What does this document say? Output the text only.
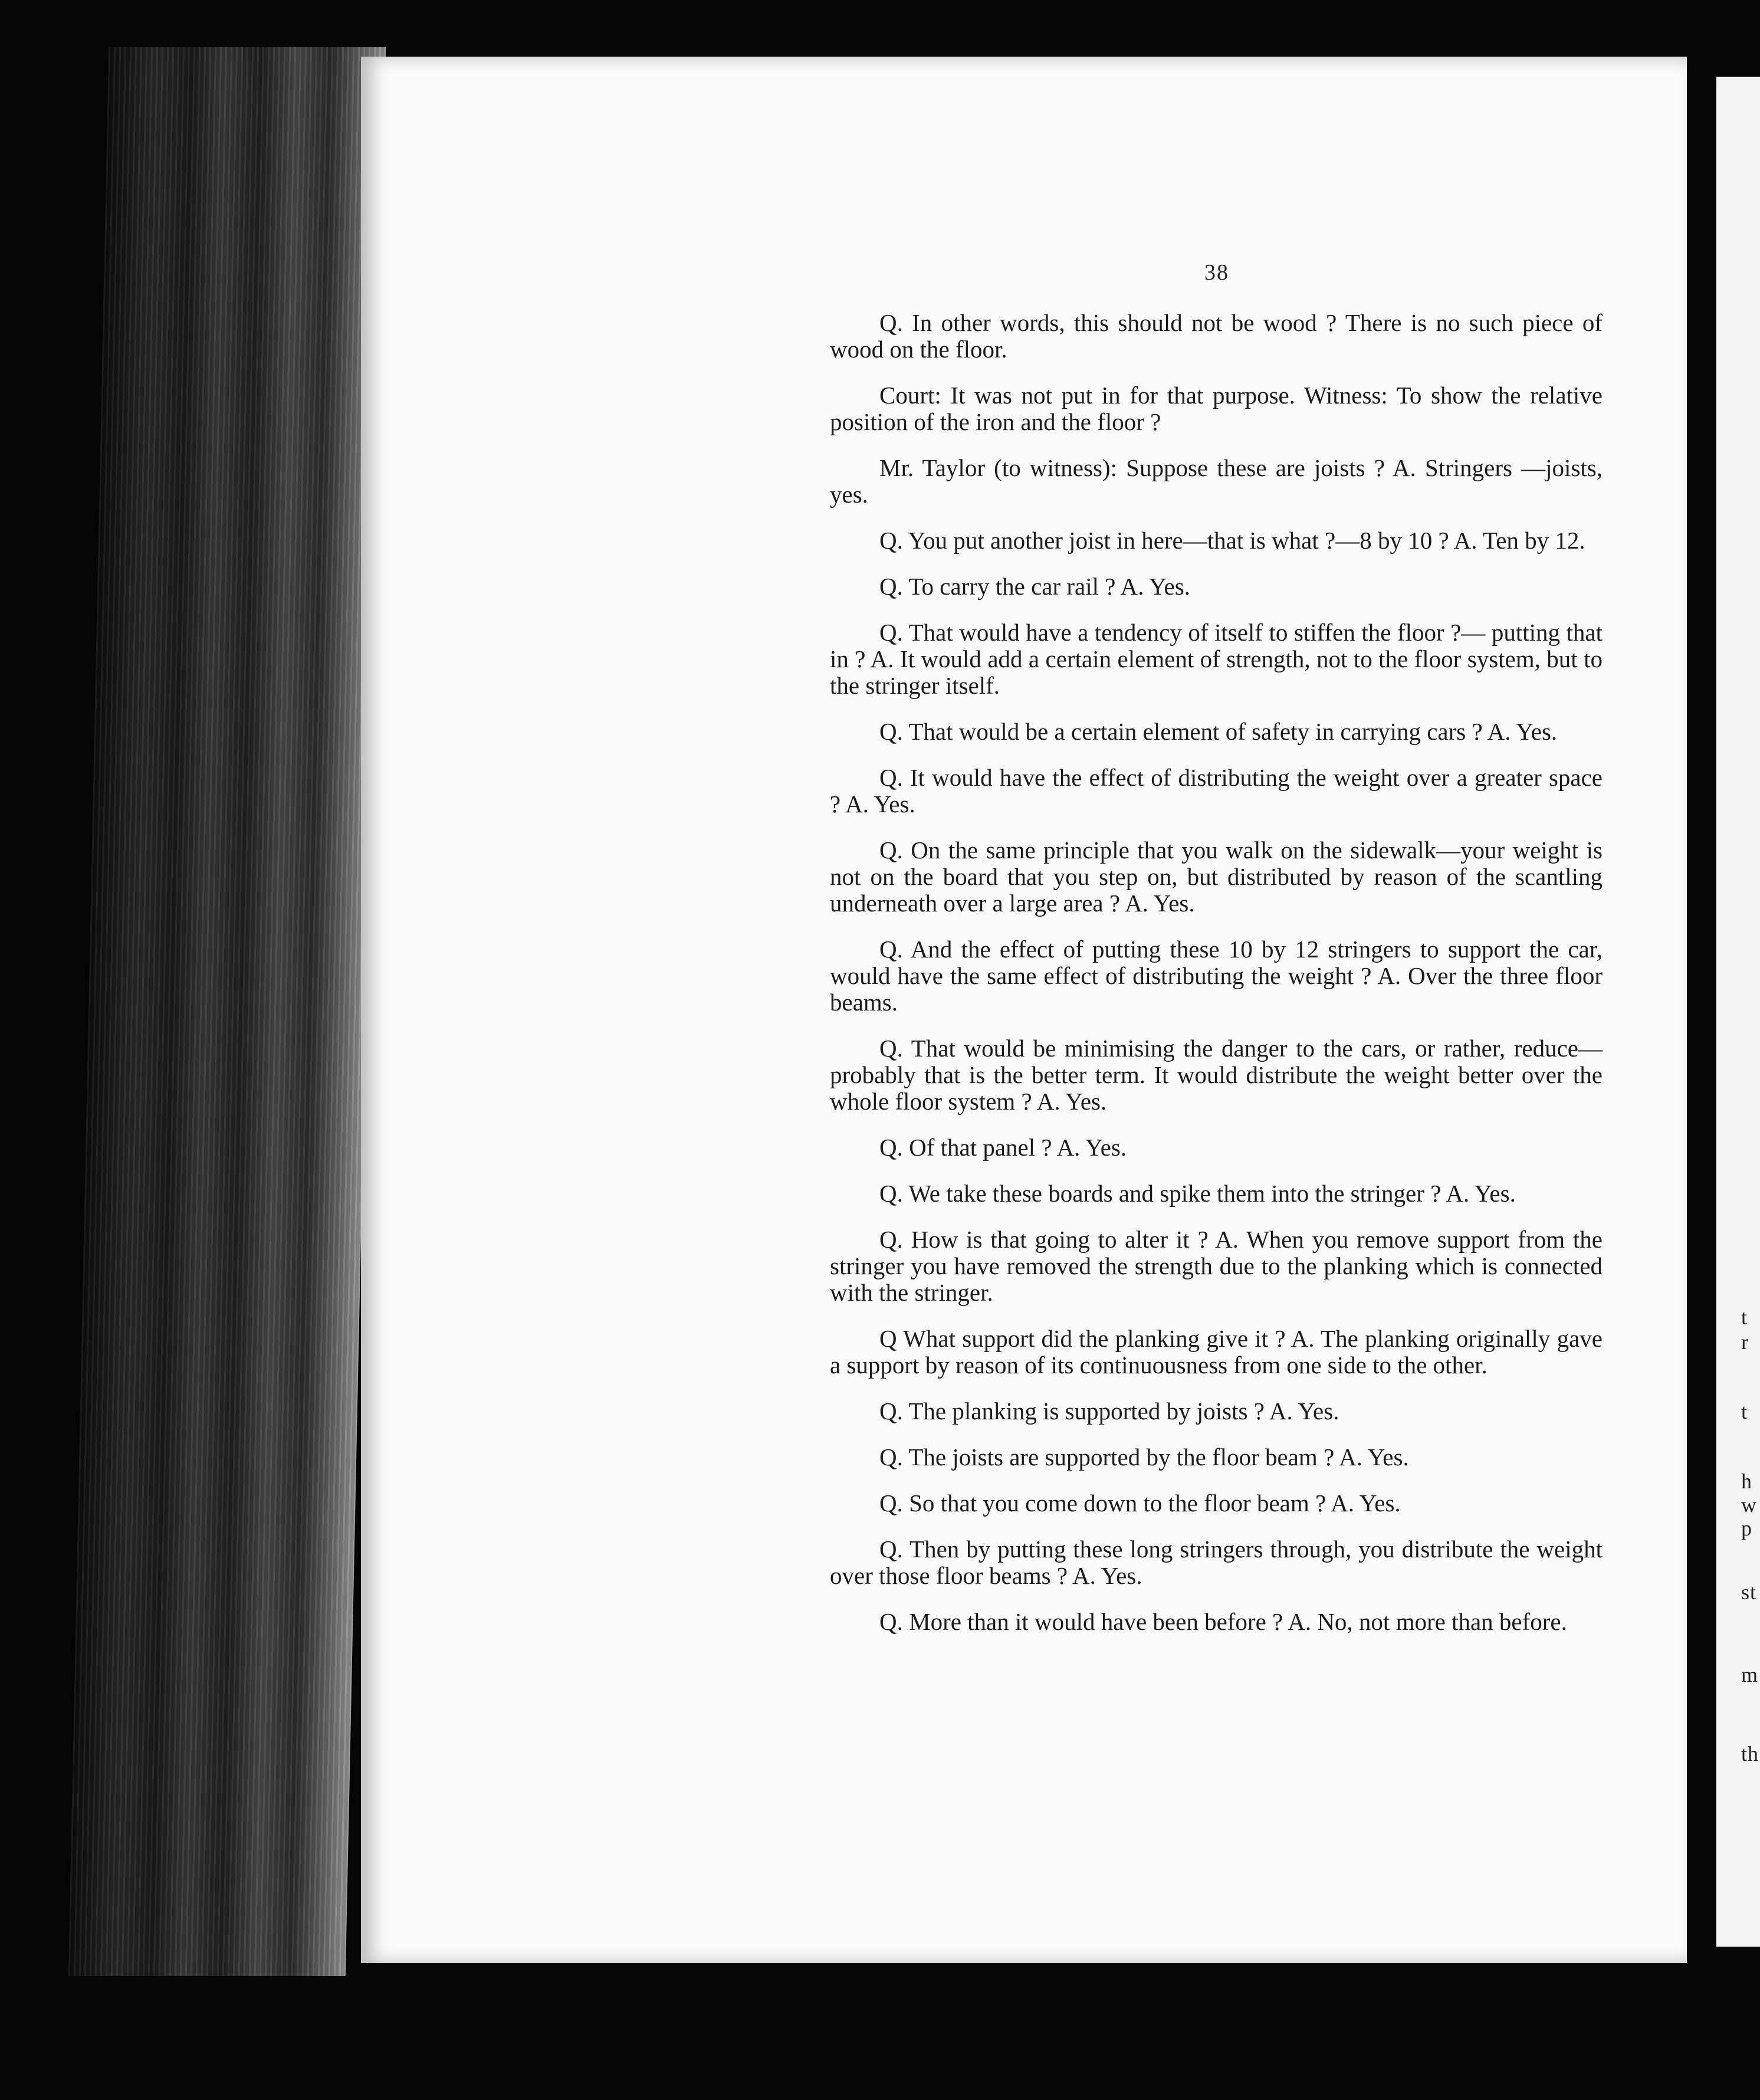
38

Q. In other words, this should not be wood ? There is no such piece of wood on the floor.

Court: It was not put in for that purpose. Witness: To show the relative position of the iron and the floor ?

Mr. Taylor (to witness): Suppose these are joists ? A. Stringers —joists, yes.

Q. You put another joist in here—that is what ?—8 by 10 ? A. Ten by 12.

Q. To carry the car rail ? A. Yes.

Q. That would have a tendency of itself to stiffen the floor ?— putting that in ? A. It would add a certain element of strength, not to the floor system, but to the stringer itself.

Q. That would be a certain element of safety in carrying cars ? A. Yes.

Q. It would have the effect of distributing the weight over a greater space ? A. Yes.

Q. On the same principle that you walk on the sidewalk—your weight is not on the board that you step on, but distributed by reason of the scantling underneath over a large area ? A. Yes.

Q. And the effect of putting these 10 by 12 stringers to support the car, would have the same effect of distributing the weight ? A. Over the three floor beams.

Q. That would be minimising the danger to the cars, or rather, reduce—probably that is the better term. It would distribute the weight better over the whole floor system ? A. Yes.

Q. Of that panel ? A. Yes.

Q. We take these boards and spike them into the stringer ? A. Yes.

Q. How is that going to alter it ? A. When you remove support from the stringer you have removed the strength due to the planking which is connected with the stringer.

Q What support did the planking give it ? A. The planking originally gave a support by reason of its continuousness from one side to the other.

Q. The planking is supported by joists ? A. Yes.

Q. The joists are supported by the floor beam ? A. Yes.

Q. So that you come down to the floor beam ? A. Yes.

Q. Then by putting these long stringers through, you distribute the weight over those floor beams ? A. Yes.

Q. More than it would have been before ? A. No, not more than before.

t
r
t
h
w
p
st
m
th
